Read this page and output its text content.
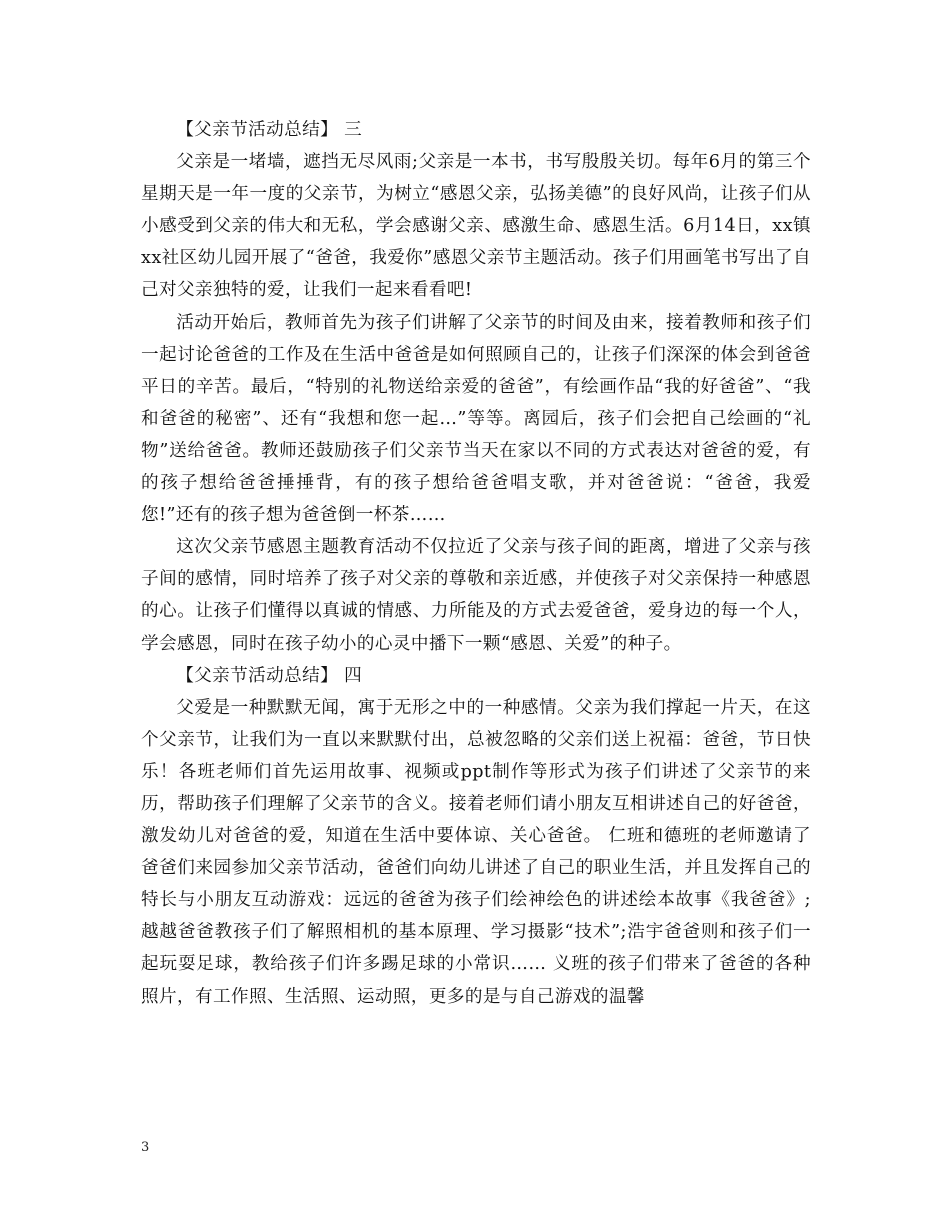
【父亲节活动总结】 三

父亲是一堵墙，遮挡无尽风雨;父亲是一本书，书写殷殷关切。每年6月的第三个星期天是一年一度的父亲节，为树立“感恩父亲，弘扬美德”的良好风尚，让孩子们从小感受到父亲的伟大和无私，学会感谢父亲、感激生命、感恩生活。6月14日，xx镇xx社区幼儿园开展了“爸爸，我爱你”感恩父亲节主题活动。孩子们用画笔书写出了自己对父亲独特的爱，让我们一起来看看吧!

活动开始后，教师首先为孩子们讲解了父亲节的时间及由来，接着教师和孩子们一起讨论爸爸的工作及在生活中爸爸是如何照顾自己的，让孩子们深深的体会到爸爸平日的辛苦。最后，“特别的礼物送给亲爱的爸爸”，有绘画作品“我的好爸爸”、“我和爸爸的秘密”、还有“我想和您一起…”等等。离园后，孩子们会把自己绘画的“礼物”送给爸爸。教师还鼓励孩子们父亲节当天在家以不同的方式表达对爸爸的爱，有的孩子想给爸爸捶捶背，有的孩子想给爸爸唱支歌，并对爸爸说：“爸爸，我爱您!”还有的孩子想为爸爸倒一杯茶……

这次父亲节感恩主题教育活动不仅拉近了父亲与孩子间的距离，增进了父亲与孩子间的感情，同时培养了孩子对父亲的尊敬和亲近感，并使孩子对父亲保持一种感恩的心。让孩子们懂得以真诚的情感、力所能及的方式去爱爸爸，爱身边的每一个人，学会感恩，同时在孩子幼小的心灵中播下一颗“感恩、关爱”的种子。

【父亲节活动总结】 四

父爱是一种默默无闻，寓于无形之中的一种感情。父亲为我们撑起一片天，在这个父亲节，让我们为一直以来默默付出，总被忽略的父亲们送上祝福：爸爸，节日快乐！各班老师们首先运用故事、视频或ppt制作等形式为孩子们讲述了父亲节的来历，帮助孩子们理解了父亲节的含义。接着老师们请小朋友互相讲述自己的好爸爸，激发幼儿对爸爸的爱，知道在生活中要体谅、关心爸爸。 仁班和德班的老师邀请了爸爸们来园参加父亲节活动，爸爸们向幼儿讲述了自己的职业生活，并且发挥自己的特长与小朋友互动游戏：远远的爸爸为孩子们绘神绘色的讲述绘本故事《我爸爸》;越越爸爸教孩子们了解照相机的基本原理、学习摄影“技术”;浩宇爸爸则和孩子们一起玩耍足球，教给孩子们许多踢足球的小常识…… 义班的孩子们带来了爸爸的各种照片，有工作照、生活照、运动照，更多的是与自己游戏的温馨

3
